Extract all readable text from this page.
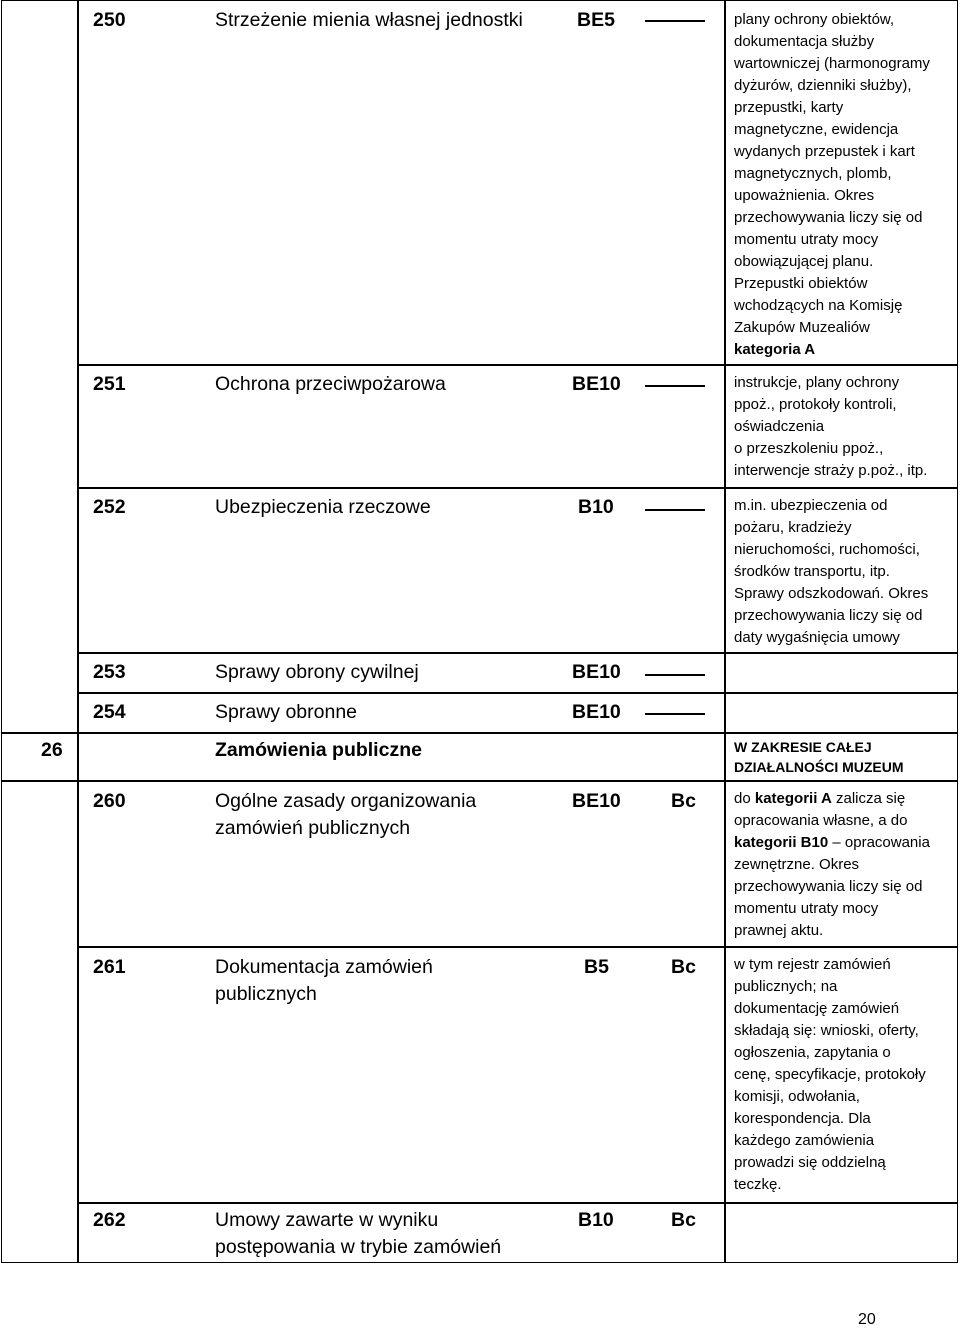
250	Strzeżenie mienia własnej jednostki	BE5	plany ochrony obiektów,
dokumentacja służby
wartowniczej (harmonogramy
dyżurów, dzienniki służby),
przepustki, karty
magnetyczne, ewidencja
wydanych przepustek i kart
magnetycznych, plomb,
upoważnienia. Okres
przechowywania liczy się od
momentu utraty mocy
obowiązującej planu.
Przepustki obiektów
wchodzących na Komisję
Zakupów Muzealiów
kategoria A
251	Ochrona przeciwpożarowa	BE10	instrukcje, plany ochrony
ppoż., protokoły kontroli,
oświadczenia
o przeszkoleniu ppoż.,
interwencje straży p.poż., itp.
252	Ubezpieczenia rzeczowe	B10	m.in. ubezpieczenia od
pożaru, kradzieży
nieruchomości, ruchomości,
środków transportu, itp.
Sprawy odszkodowań. Okres
przechowywania liczy się od
daty wygaśnięcia umowy
253	Sprawy obrony cywilnej	BE10
254	Sprawy obronne	BE10
26	Zamówienia publiczne	W ZAKRESIE CAŁEJ
DZIAŁALNOŚCI MUZEUM
260	Ogólne zasady organizowania
zamówień publicznych
BE10	Bc	do kategorii A zalicza się
opracowania własne, a do
kategorii B10 – opracowania
zewnętrzne. Okres
przechowywania liczy się od
momentu utraty mocy
prawnej aktu.
261	Dokumentacja zamówień
publicznych
B5	Bc	w tym rejestr zamówień
publicznych; na
dokumentację zamówień
składają się: wnioski, oferty,
ogłoszenia, zapytania o
cenę, specyfikacje, protokoły
komisji, odwołania,
korespondencja. Dla
każdego zamówienia
prowadzi się oddzielną
teczkę.
262	Umowy zawarte w wyniku
postępowania w trybie zamówień
B10	Bc
20
